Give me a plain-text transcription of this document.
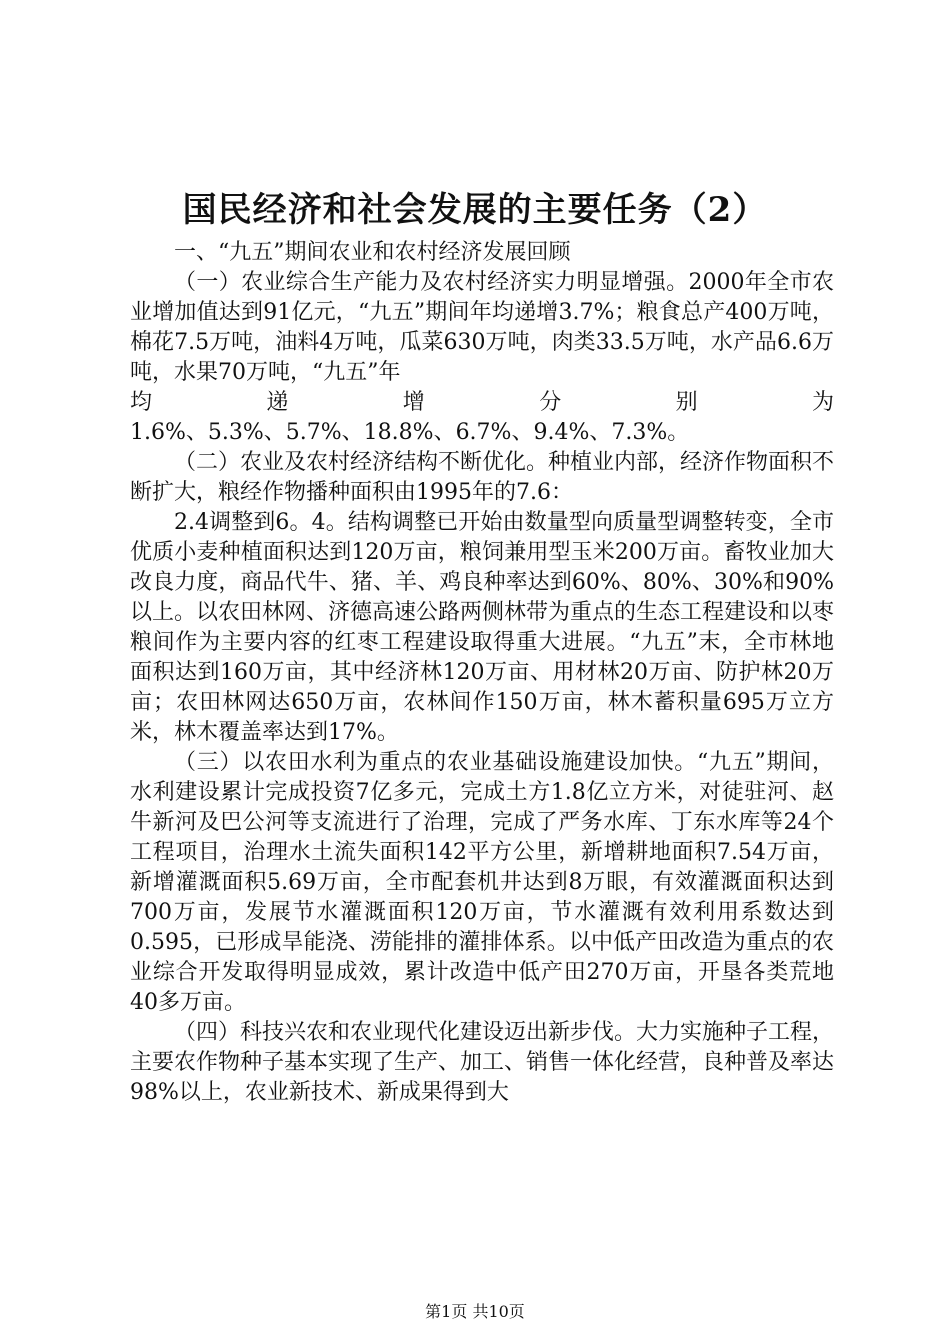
国民经济和社会发展的主要任务（2）

一、“九五”期间农业和农村经济发展回顾

（一）农业综合生产能力及农村经济实力明显增强。2000年全市农业增加值达到91亿元，“九五”期间年均递增3.7%；粮食总产400万吨，棉花7.5万吨，油料4万吨，瓜菜630万吨，肉类33.5万吨，水产品6.6万吨，水果70万吨，“九五”年

均　递　增　分　别　为

1.6%、5.3%、5.7%、18.8%、6.7%、9.4%、7.3%。

（二）农业及农村经济结构不断优化。种植业内部，经济作物面积不断扩大，粮经作物播种面积由1995年的7.6：

2.4调整到6。4。结构调整已开始由数量型向质量型调整转变，全市优质小麦种植面积达到120万亩，粮饲兼用型玉米200万亩。畜牧业加大改良力度，商品代牛、猪、羊、鸡良种率达到60%、80%、30%和90%以上。以农田林网、济德高速公路两侧林带为重点的生态工程建设和以枣粮间作为主要内容的红枣工程建设取得重大进展。“九五”末，全市林地面积达到160万亩，其中经济林120万亩、用材林20万亩、防护林20万亩；农田林网达650万亩，农林间作150万亩，林木蓄积量695万立方米，林木覆盖率达到17%。

（三）以农田水利为重点的农业基础设施建设加快。“九五”期间，水利建设累计完成投资7亿多元，完成土方1.8亿立方米，对徒驻河、赵牛新河及巴公河等支流进行了治理，完成了严务水库、丁东水库等24个工程项目，治理水土流失面积142平方公里，新增耕地面积7.54万亩，新增灌溉面积5.69万亩，全市配套机井达到8万眼，有效灌溉面积达到700万亩，发展节水灌溉面积120万亩，节水灌溉有效利用系数达到0.595，已形成旱能浇、涝能排的灌排体系。以中低产田改造为重点的农业综合开发取得明显成效，累计改造中低产田270万亩，开垦各类荒地40多万亩。

（四）科技兴农和农业现代化建设迈出新步伐。大力实施种子工程，主要农作物种子基本实现了生产、加工、销售一体化经营，良种普及率达98%以上，农业新技术、新成果得到大

第1页 共10页
